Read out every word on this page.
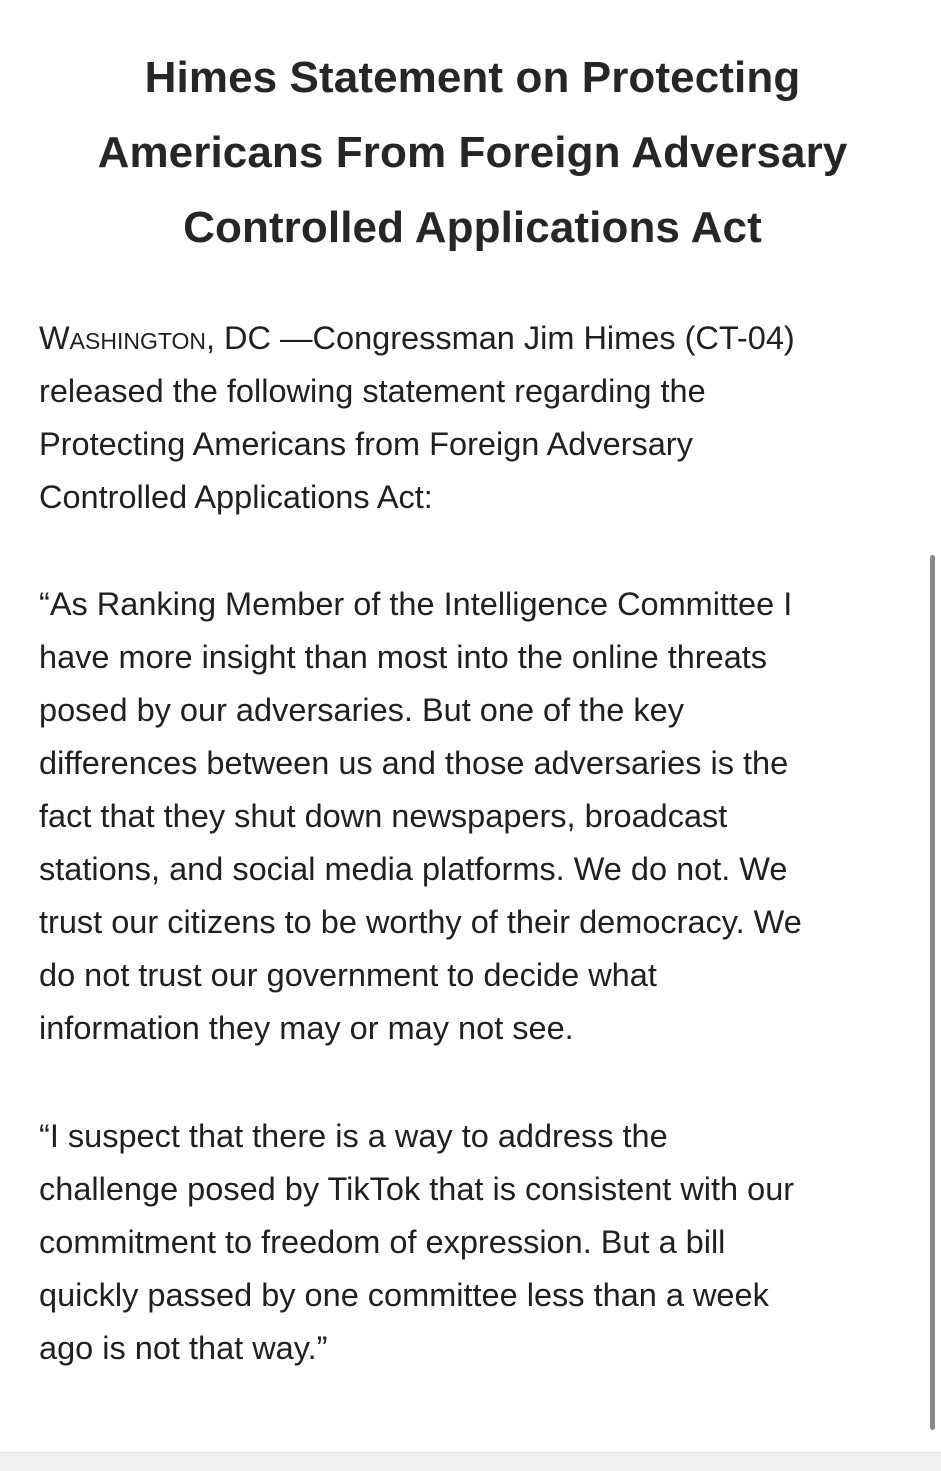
Himes Statement on Protecting
Americans From Foreign Adversary
Controlled Applications Act

Washington, DC —Congressman Jim Himes (CT-04)
released the following statement regarding the
Protecting Americans from Foreign Adversary
Controlled Applications Act:

“As Ranking Member of the Intelligence Committee I
have more insight than most into the online threats
posed by our adversaries. But one of the key
differences between us and those adversaries is the
fact that they shut down newspapers, broadcast
stations, and social media platforms. We do not. We
trust our citizens to be worthy of their democracy. We
do not trust our government to decide what
information they may or may not see.

“I suspect that there is a way to address the
challenge posed by TikTok that is consistent with our
commitment to freedom of expression. But a bill
quickly passed by one committee less than a week
ago is not that way.”
